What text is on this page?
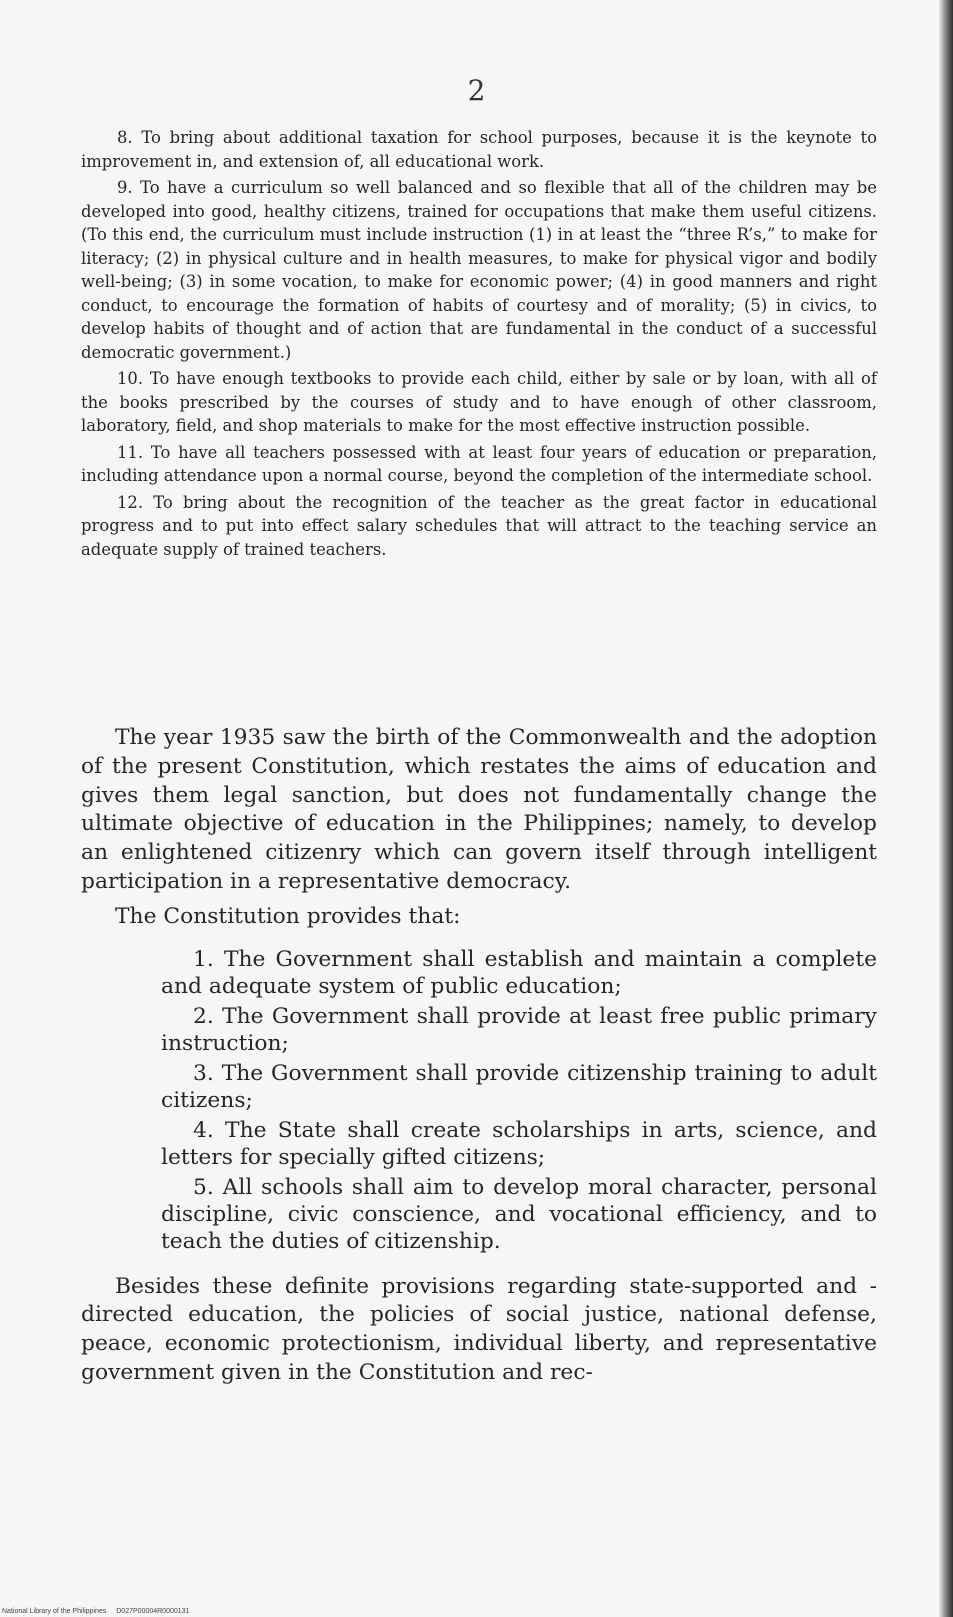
2

8. To bring about additional taxation for school purposes, because it is the keynote to improvement in, and extension of, all educational work.

9. To have a curriculum so well balanced and so flexible that all of the children may be developed into good, healthy citizens, trained for occupations that make them useful citizens. (To this end, the curriculum must include instruction (1) in at least the “three R’s,” to make for literacy; (2) in physical culture and in health measures, to make for physical vigor and bodily well-being; (3) in some vocation, to make for economic power; (4) in good manners and right conduct, to encourage the formation of habits of courtesy and of morality; (5) in civics, to develop habits of thought and of action that are fundamental in the conduct of a successful democratic government.)

10. To have enough textbooks to provide each child, either by sale or by loan, with all of the books prescribed by the courses of study and to have enough of other classroom, laboratory, field, and shop materials to make for the most effective instruction possible.

11. To have all teachers possessed with at least four years of education or preparation, including attendance upon a normal course, beyond the completion of the intermediate school.

12. To bring about the recognition of the teacher as the great factor in educational progress and to put into effect salary schedules that will attract to the teaching service an adequate supply of trained teachers.

The year 1935 saw the birth of the Commonwealth and the adoption of the present Constitution, which restates the aims of education and gives them legal sanction, but does not fundamentally change the ultimate objective of education in the Philippines; namely, to develop an enlightened citizenry which can govern itself through intelligent participation in a representative democracy.

The Constitution provides that:

1. The Government shall establish and maintain a complete and adequate system of public education;
2. The Government shall provide at least free public primary instruction;
3. The Government shall provide citizenship training to adult citizens;
4. The State shall create scholarships in arts, science, and letters for specially gifted citizens;
5. All schools shall aim to develop moral character, personal discipline, civic conscience, and vocational efficiency, and to teach the duties of citizenship.

Besides these definite provisions regarding state-supported and -directed education, the policies of social justice, national defense, peace, economic protectionism, individual liberty, and representative government given in the Constitution and rec-

National Library of the Philippines D027P00004R0000131
